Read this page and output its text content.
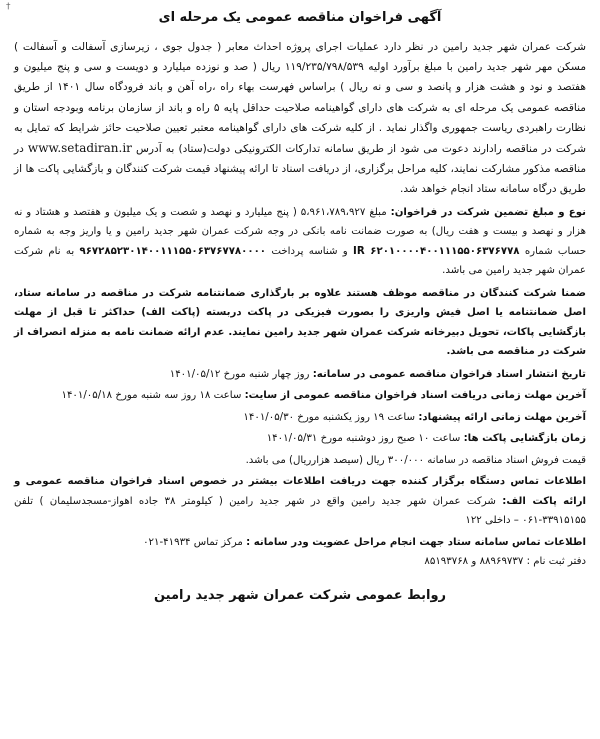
†
آگهی فراخوان مناقصه عمومی یک مرحله ای

شرکت عمران شهر جدید رامین در نظر دارد عملیات اجرای پروژه احداث معابر ( جدول جوی ، زیرسازی آسفالت و آسفالت ) مسکن مهر شهر جدید رامین با مبلغ برآورد اولیه ۱۱۹/۲۳۵/۷۹۸/۵۳۹ ریال ( صد و نوزده میلیارد و دویست و سی و پنج میلیون و هفتصد و نود و هشت هزار و پانصد و سی و نه ریال ) براساس فهرست بهاء راه ،راه آهن و باند فرودگاه سال ۱۴۰۱ از طریق مناقصه عمومی یک مرحله ای به شرکت های دارای گواهینامه صلاحیت حداقل پایه ۵ راه و باند از سازمان برنامه وبودجه استان و نظارت راهبردی ریاست جمهوری واگذار نماید . از کلیه شرکت های دارای گواهینامه معتبر تعیین صلاحیت حائز شرایط که تمایل به شرکت در مناقصه رادارند دعوت می شود از طریق سامانه تدارکات الکترونیکی دولت(ستاد) به آدرس www.setadiran.ir در مناقصه مذکور مشارکت نمایند، کلیه مراحل برگزاری، از دریافت اسناد تا ارائه پیشنهاد قیمت شرکت کنندگان و بازگشایی پاکت ها از طریق درگاه سامانه ستاد انجام خواهد شد.

نوع و مبلغ تضمین شرکت در فراخوان: مبلغ ۵،۹۶۱،۷۸۹،۹۲۷ ( پنج میلیارد و نهصد و شصت و یک میلیون و هفتصد و هشتاد و نه هزار و نهصد و بیست و هفت ریال) به صورت ضمانت نامه بانکی در وجه شرکت عمران شهر جدید رامین و یا واریز وجه به شماره حساب شماره IR ۶۲۰۱۰۰۰۰۴۰۰۱۱۱۵۵۰۶۳۷۶۷۷۸ و شناسه پرداخت ۹۶۷۲۸۵۲۳۰۱۴۰۰۱۱۱۵۵۰۶۳۷۶۷۷۸۰۰۰۰ به نام شرکت عمران شهر جدید رامین می باشد.

ضمنا شرکت کنندگان در مناقصه موظف هستند علاوه بر بارگذاری ضمانتنامه شرکت در مناقصه در سامانه ستاد، اصل ضمانتنامه یا اصل فیش واریزی را بصورت فیزیکی در پاکت دربسته (پاکت الف) حداکثر تا قبل از مهلت بازگشایی پاکات، تحویل دبیرخانه شرکت عمران شهر جدید رامین نمایند. عدم ارائه ضمانت نامه به منزله انصراف از شرکت در مناقصه می باشد.

تاریخ انتشار اسناد فراخوان مناقصه عمومی در سامانه: روز چهار شنبه مورخ ۱۴۰۱/۰۵/۱۲

آخرین مهلت زمانی دریافت اسناد فراخوان مناقصه عمومی از سایت: ساعت ۱۸ روز سه شنبه مورخ ۱۴۰۱/۰۵/۱۸

آخرین مهلت زمانی ارائه پیشنهاد: ساعت ۱۹ روز یکشنبه مورخ ۱۴۰۱/۰۵/۳۰

زمان بازگشایی پاکت ها: ساعت ۱۰ صبح روز دوشنبه مورخ ۱۴۰۱/۰۵/۳۱

قیمت فروش اسناد مناقصه در سامانه ۳۰۰/۰۰۰ ریال (سیصد هزارریال) می باشد.

اطلاعات تماس دستگاه برگزار کننده جهت دریافت اطلاعات بیشتر در خصوص اسناد فراخوان مناقصه عمومی و ارائه پاکت الف: شرکت عمران شهر جدید رامین واقع در شهر جدید رامین ( کیلومتر ۳۸ جاده اهواز-مسجدسلیمان ) تلفن ۳۳۹۱۵۱۵۵-۰۶۱ – داخلی ۱۲۲

اطلاعات تماس سامانه ستاد جهت انجام مراحل عضویت ودر سامانه : مرکز تماس ۴۱۹۳۴-۰۲۱

دفتر ثبت نام : ۸۸۹۶۹۷۳۷ و ۸۵۱۹۳۷۶۸

روابط عمومی شرکت عمران شهر جدید رامین
